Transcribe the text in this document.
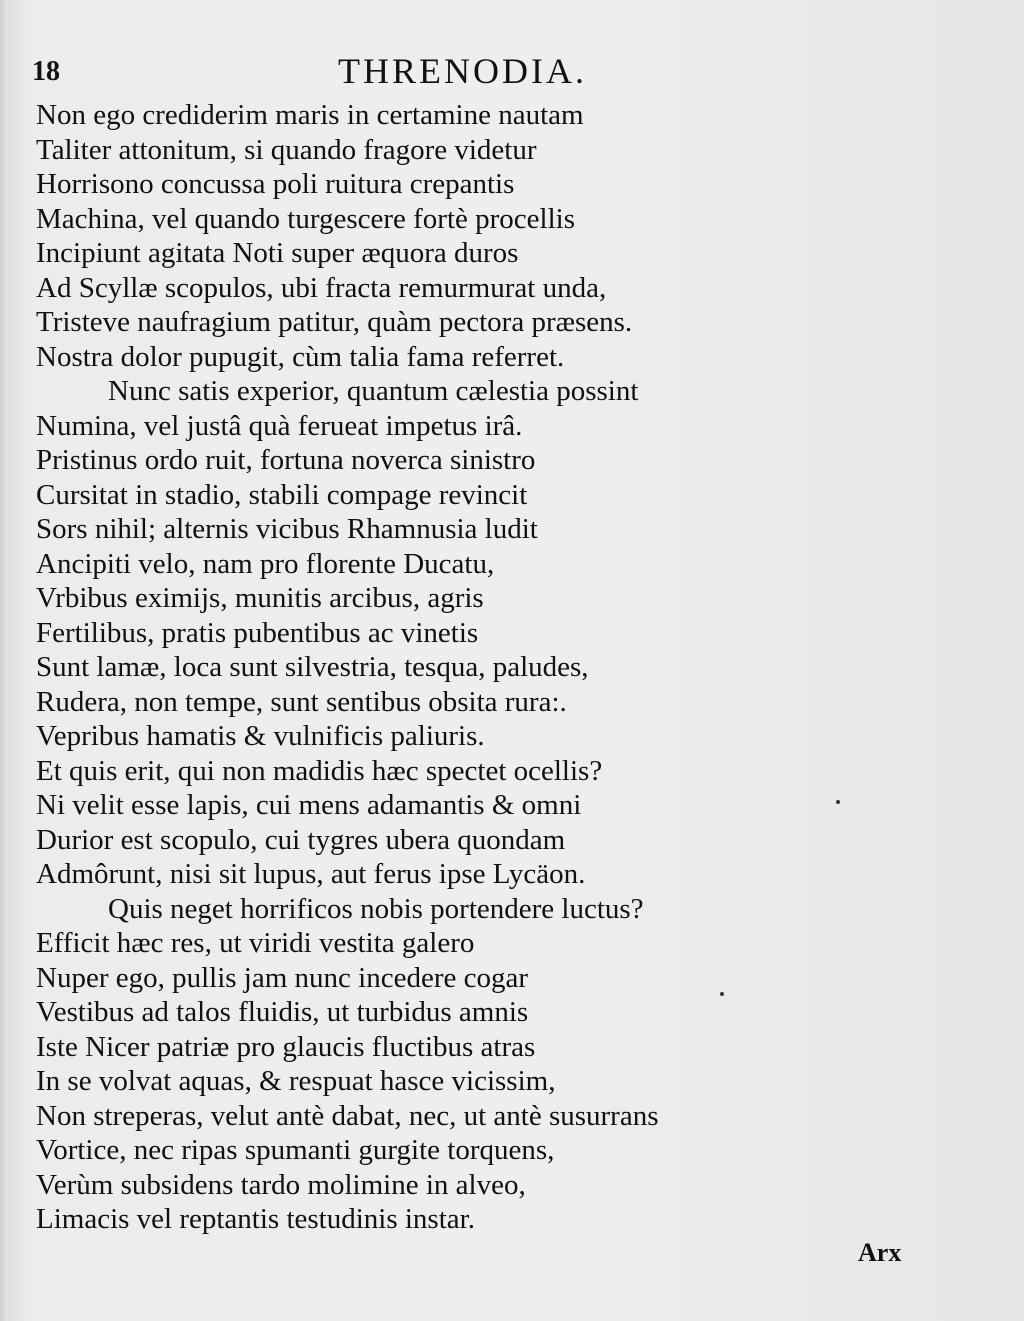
18	THRENODIA.
Non ego crediderim maris in certamine nautam
Taliter attonitum, si quando fragore videtur
Horrisono concussa poli ruitura crepantis
Machina, vel quando turgescere fortè procellis
Incipiunt agitata Noti super æquora duros
Ad Scyllæ scopulos, ubi fracta remurmurat unda,
Tristeve naufragium patitur, quàm pectora præsens.
Nostra dolor pupugit, cùm talia fama referret.
Nunc satis experior, quantum cælestia possint
Numina, vel justâ quà ferueat impetus irâ.
Pristinus ordo ruit, fortuna noverca sinistro
Cursitat in stadio, stabili compage revincit
Sors nihil; alternis vicibus Rhamnusia ludit
Ancipiti velo, nam pro florente Ducatu,
Vrbibus eximijs, munitis arcibus, agris
Fertilibus, pratis pubentibus ac vinetis
Sunt lamæ, loca sunt silvestria, tesqua, paludes,
Rudera, non tempe, sunt sentibus obsita rura:.
Vepribus hamatis & vulnificis paliuris.
Et quis erit, qui non madidis hæc spectet ocellis?
Ni velit esse lapis, cui mens adamantis & omni
Durior est scopulo, cui tygres ubera quondam
Admôrunt, nisi sit lupus, aut ferus ipse Lycäon.
Quis neget horrificos nobis portendere luctus?
Efficit hæc res, ut viridi vestita galero
Nuper ego, pullis jam nunc incedere cogar
Vestibus ad talos fluidis, ut turbidus amnis
Iste Nicer patriæ pro glaucis fluctibus atras
In se volvat aquas, & respuat hasce vicissim,
Non streperas, velut antè dabat, nec, ut antè susurrans
Vortice, nec ripas spumanti gurgite torquens,
Verùm subsidens tardo molimine in alveo,
Limacis vel reptantis testudinis instar.
Arx
